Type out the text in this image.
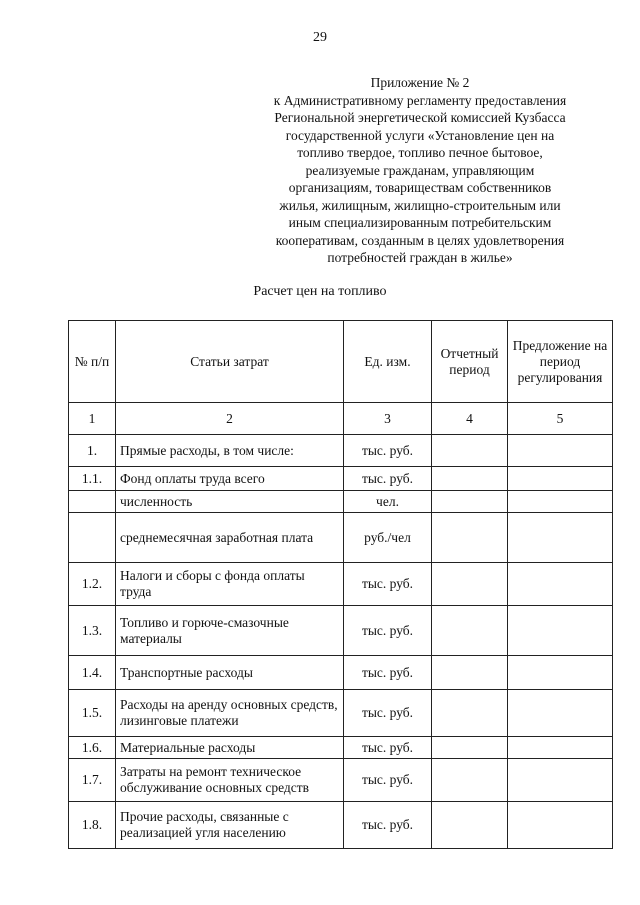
29
Приложение № 2
к Административному регламенту предоставления
Региональной энергетической комиссией Кузбасса
государственной услуги «Установление цен на
топливо твердое, топливо печное бытовое,
реализуемые гражданам, управляющим
организациям, товариществам собственников
жилья, жилищным, жилищно-строительным или
иным специализированным потребительским
кооперативам, созданным в целях удовлетворения
потребностей граждан в жилье»
Расчет цен на топливо
№ п/п	Статьи затрат	Ед. изм.	Отчетный период	Предложение на период регулирования
1	2	3	4	5
1.	Прямые расходы, в том числе:	тыс. руб.		
1.1.	Фонд оплаты труда всего	тыс. руб.		
	численность	чел.		
	среднемесячная заработная плата	руб./чел		
1.2.	Налоги и сборы с фонда оплаты труда	тыс. руб.		
1.3.	Топливо и горюче-смазочные материалы	тыс. руб.		
1.4.	Транспортные расходы	тыс. руб.		
1.5.	Расходы на аренду основных средств, лизинговые платежи	тыс. руб.		
1.6.	Материальные расходы	тыс. руб.		
1.7.	Затраты на ремонт техническое обслуживание основных средств	тыс. руб.		
1.8.	Прочие расходы, связанные с реализацией угля населению	тыс. руб.		
